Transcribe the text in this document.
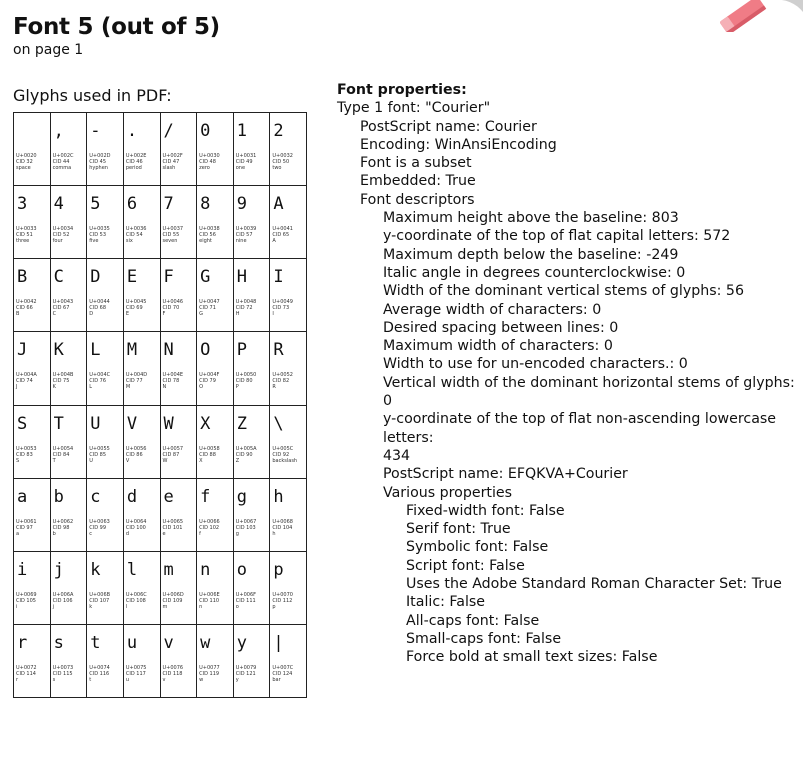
Font 5 (out of 5)
on page 1
Glyphs used in PDF:
U+0020
CID 32
space
,
U+002C
CID 44
comma
-
U+002D
CID 45
hyphen
.
U+002E
CID 46
period
/
U+002F
CID 47
slash
0
U+0030
CID 48
zero
1
U+0031
CID 49
one
2
U+0032
CID 50
two
3
U+0033
CID 51
three
4
U+0034
CID 52
four
5
U+0035
CID 53
five
6
U+0036
CID 54
six
7
U+0037
CID 55
seven
8
U+0038
CID 56
eight
9
U+0039
CID 57
nine
A
U+0041
CID 65
A
B
U+0042
CID 66
B
C
U+0043
CID 67
C
D
U+0044
CID 68
D
E
U+0045
CID 69
E
F
U+0046
CID 70
F
G
U+0047
CID 71
G
H
U+0048
CID 72
H
I
U+0049
CID 73
I
J
U+004A
CID 74
J
K
U+004B
CID 75
K
L
U+004C
CID 76
L
M
U+004D
CID 77
M
N
U+004E
CID 78
N
O
U+004F
CID 79
O
P
U+0050
CID 80
P
R
U+0052
CID 82
R
S
U+0053
CID 83
S
T
U+0054
CID 84
T
U
U+0055
CID 85
U
V
U+0056
CID 86
V
W
U+0057
CID 87
W
X
U+0058
CID 88
X
Z
U+005A
CID 90
Z
\
U+005C
CID 92
backslash
a
U+0061
CID 97
a
b
U+0062
CID 98
b
c
U+0063
CID 99
c
d
U+0064
CID 100
d
e
U+0065
CID 101
e
f
U+0066
CID 102
f
g
U+0067
CID 103
g
h
U+0068
CID 104
h
i
U+0069
CID 105
i
j
U+006A
CID 106
j
k
U+006B
CID 107
k
l
U+006C
CID 108
l
m
U+006D
CID 109
m
n
U+006E
CID 110
n
o
U+006F
CID 111
o
p
U+0070
CID 112
p
r
U+0072
CID 114
r
s
U+0073
CID 115
s
t
U+0074
CID 116
t
u
U+0075
CID 117
u
v
U+0076
CID 118
v
w
U+0077
CID 119
w
y
U+0079
CID 121
y
|
U+007C
CID 124
bar
Font properties:
Type 1 font: "Courier"
PostScript name: Courier
Encoding: WinAnsiEncoding
Font is a subset
Embedded: True
Font descriptors
Maximum height above the baseline: 803
y-coordinate of the top of flat capital letters: 572
Maximum depth below the baseline: -249
Italic angle in degrees counterclockwise: 0
Width of the dominant vertical stems of glyphs: 56
Average width of characters: 0
Desired spacing between lines: 0
Maximum width of characters: 0
Width to use for un-encoded characters.: 0
Vertical width of the dominant horizontal stems of glyphs: 0
y-coordinate of the top of flat non-ascending lowercase letters:
434
PostScript name: EFQKVA+Courier
Various properties
Fixed-width font: False
Serif font: True
Symbolic font: False
Script font: False
Uses the Adobe Standard Roman Character Set: True
Italic: False
All-caps font: False
Small-caps font: False
Force bold at small text sizes: False
